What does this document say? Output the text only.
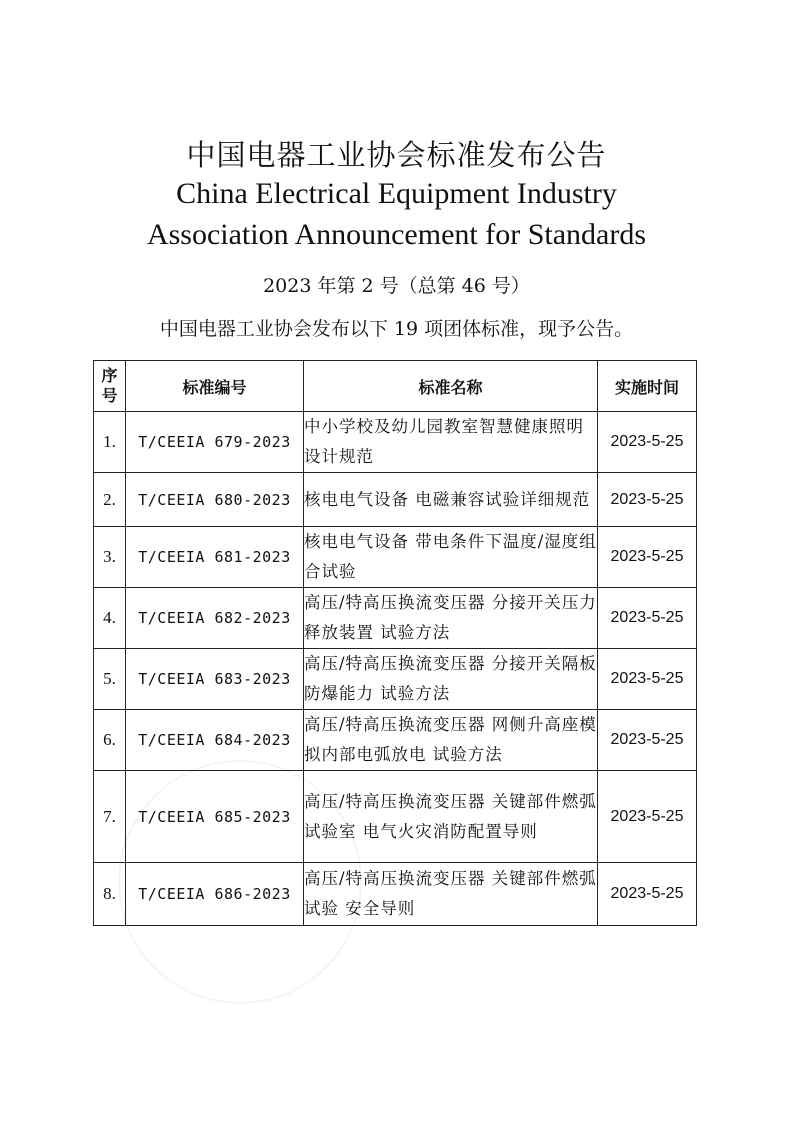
中国电器工业协会标准发布公告
China Electrical Equipment Industry
Association Announcement for Standards
2023 年第 2 号（总第 46 号）
中国电器工业协会发布以下 19 项团体标准，现予公告。
序号	标准编号	标准名称	实施时间
1.	T/CEEIA 679-2023	中小学校及幼儿园教室智慧健康照明设计规范	2023-5-25
2.	T/CEEIA 680-2023	核电电气设备 电磁兼容试验详细规范	2023-5-25
3.	T/CEEIA 681-2023	核电电气设备 带电条件下温度/湿度组合试验	2023-5-25
4.	T/CEEIA 682-2023	高压/特高压换流变压器 分接开关压力释放装置 试验方法	2023-5-25
5.	T/CEEIA 683-2023	高压/特高压换流变压器 分接开关隔板防爆能力 试验方法	2023-5-25
6.	T/CEEIA 684-2023	高压/特高压换流变压器 网侧升高座模拟内部电弧放电 试验方法	2023-5-25
7.	T/CEEIA 685-2023	高压/特高压换流变压器 关键部件燃弧试验室 电气火灾消防配置导则	2023-5-25
8.	T/CEEIA 686-2023	高压/特高压换流变压器 关键部件燃弧试验 安全导则	2023-5-25
